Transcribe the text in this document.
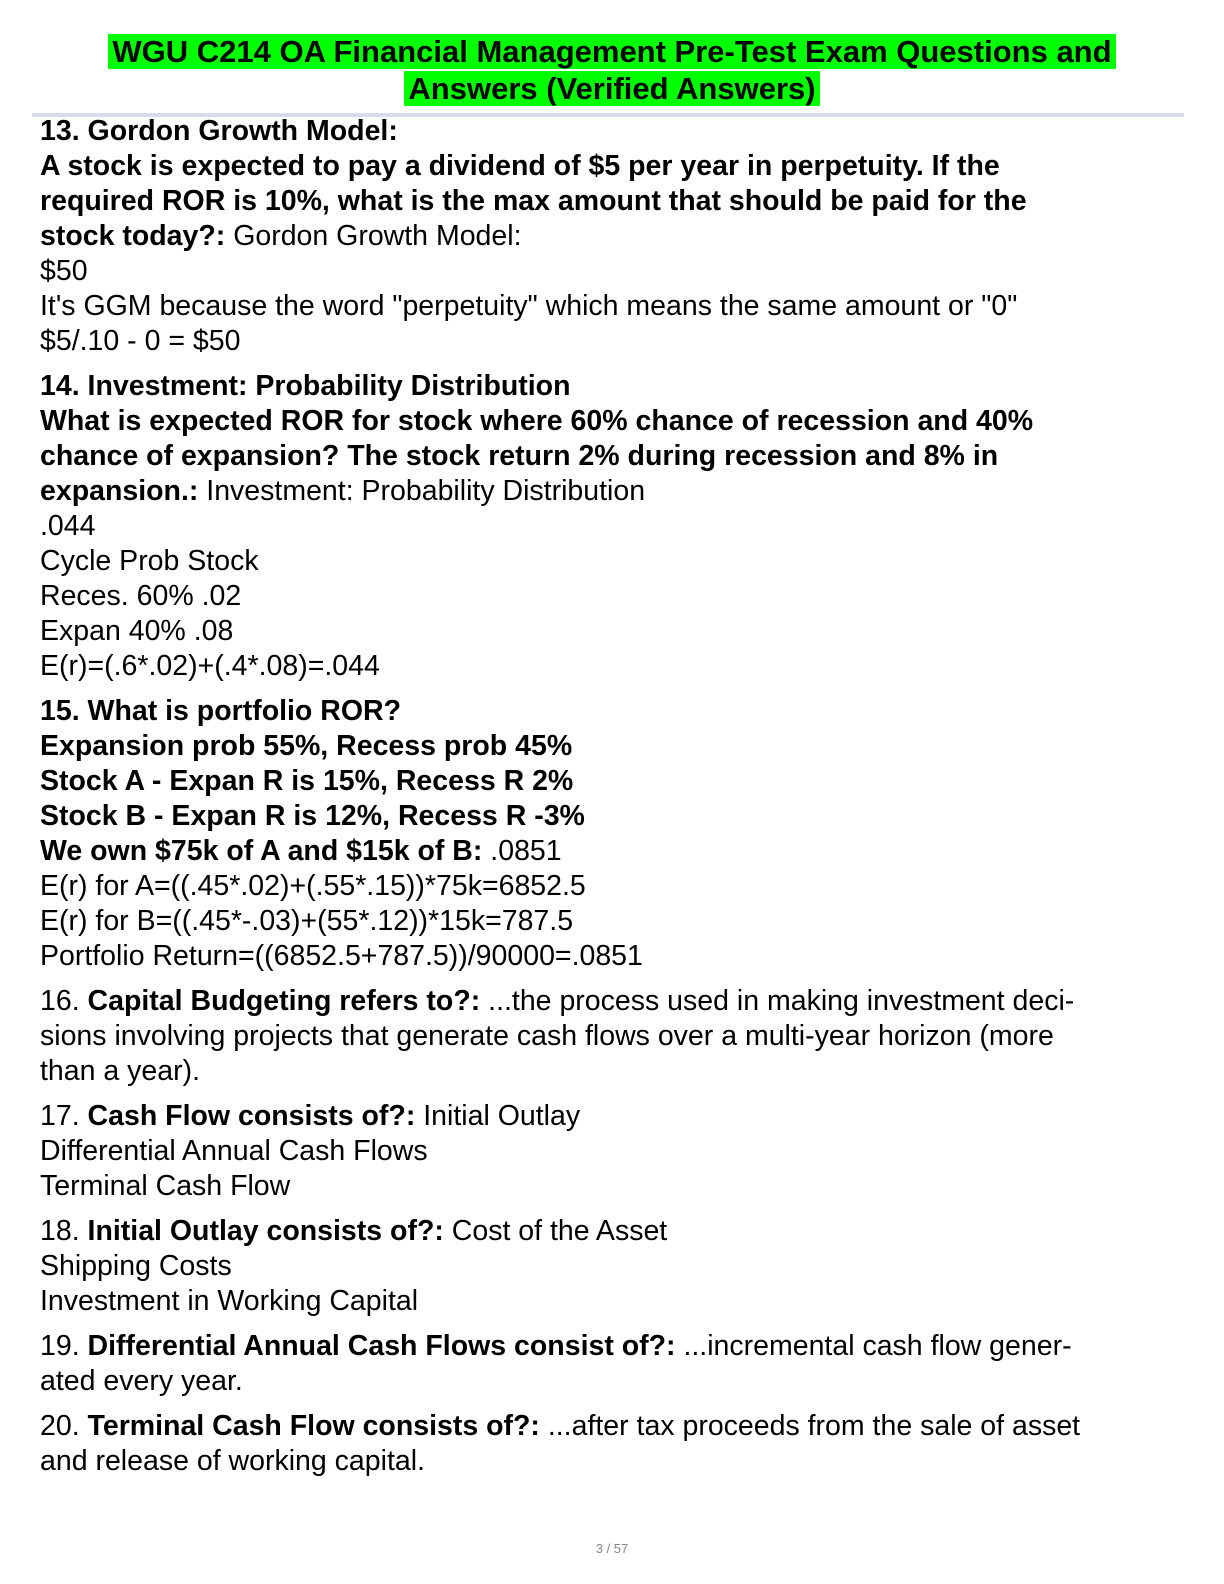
WGU C214 OA Financial Management Pre-Test Exam Questions and
Answers (Verified Answers)
13. Gordon Growth Model:
A stock is expected to pay a dividend of $5 per year in perpetuity. If the
required ROR is 10%, what is the max amount that should be paid for the
stock today?: Gordon Growth Model:
$50
It's GGM because the word "perpetuity" which means the same amount or "0"
$5/.10 - 0 = $50
14. Investment: Probability Distribution
What is expected ROR for stock where 60% chance of recession and 40%
chance of expansion? The stock return 2% during recession and 8% in
expansion.: Investment: Probability Distribution
.044
Cycle Prob Stock
Reces. 60% .02
Expan 40% .08
E(r)=(.6*.02)+(.4*.08)=.044
15. What is portfolio ROR?
Expansion prob 55%, Recess prob 45%
Stock A - Expan R is 15%, Recess R 2%
Stock B - Expan R is 12%, Recess R -3%
We own $75k of A and $15k of B: .0851
E(r) for A=((.45*.02)+(.55*.15))*75k=6852.5
E(r) for B=((.45*-.03)+(55*.12))*15k=787.5
Portfolio Return=((6852.5+787.5))/90000=.0851
16. Capital Budgeting refers to?: ...the process used in making investment deci-
sions involving projects that generate cash flows over a multi-year horizon (more
than a year).
17. Cash Flow consists of?: Initial Outlay
Differential Annual Cash Flows
Terminal Cash Flow
18. Initial Outlay consists of?: Cost of the Asset
Shipping Costs
Investment in Working Capital
19. Differential Annual Cash Flows consist of?: ...incremental cash flow gener-
ated every year.
20. Terminal Cash Flow consists of?: ...after tax proceeds from the sale of asset
and release of working capital.
3 / 57
